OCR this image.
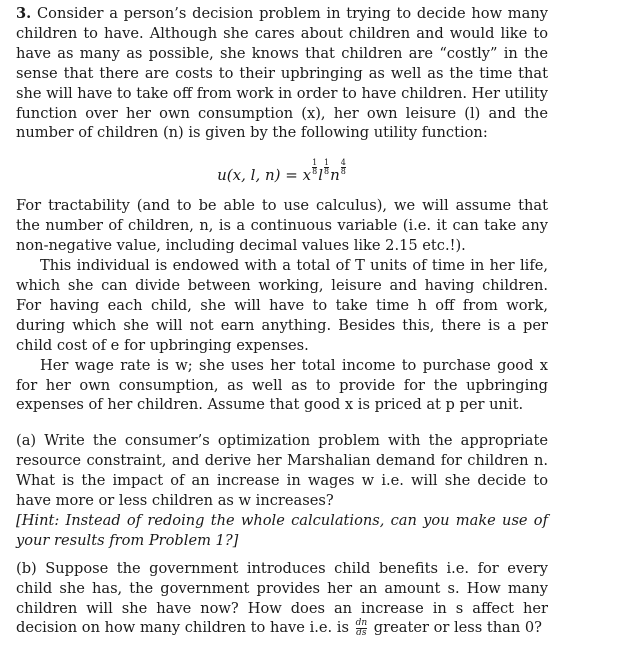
3. Consider a person’s decision problem in trying to decide how many children to have. Although she cares about children and would like to have as many as possible, she knows that children are “costly” in the sense that there are costs to their upbringing as well as the time that she will have to take off from work in order to have children. Her utility function over her own consumption (x), her own leisure (l) and the number of children (n) is given by the following utility function:

u(x, l, n) = x $\frac{1}{8}$ l $\frac{1}{8}$ n $\frac{4}{8}$

For tractability (and to be able to use calculus), we will assume that the number of children, n, is a continuous variable (i.e. it can take any non-negative value, including decimal values like 2.15 etc.!).

This individual is endowed with a total of T units of time in her life, which she can divide between working, leisure and having children. For having each child, she will have to take time h off from work, during which she will not earn anything. Besides this, there is a per child cost of e for upbringing expenses.

Her wage rate is w; she uses her total income to purchase good x for her own consumption, as well as to provide for the upbringing expenses of her children. Assume that good x is priced at p per unit.

(a) Write the consumer’s optimization problem with the appropriate resource constraint, and derive her Marshalian demand for children n. What is the impact of an increase in wages w i.e. will she decide to have more or less children as w increases?

[Hint: Instead of redoing the whole calculations, can you make use of your results from Problem 1?]

(b) Suppose the government introduces child benefits i.e. for every child she has, the government provides her an amount s. How many children will she have now? How does an increase in s affect her decision on how many children to have i.e. is $\frac{dn}{ds}$ greater or less than 0?
